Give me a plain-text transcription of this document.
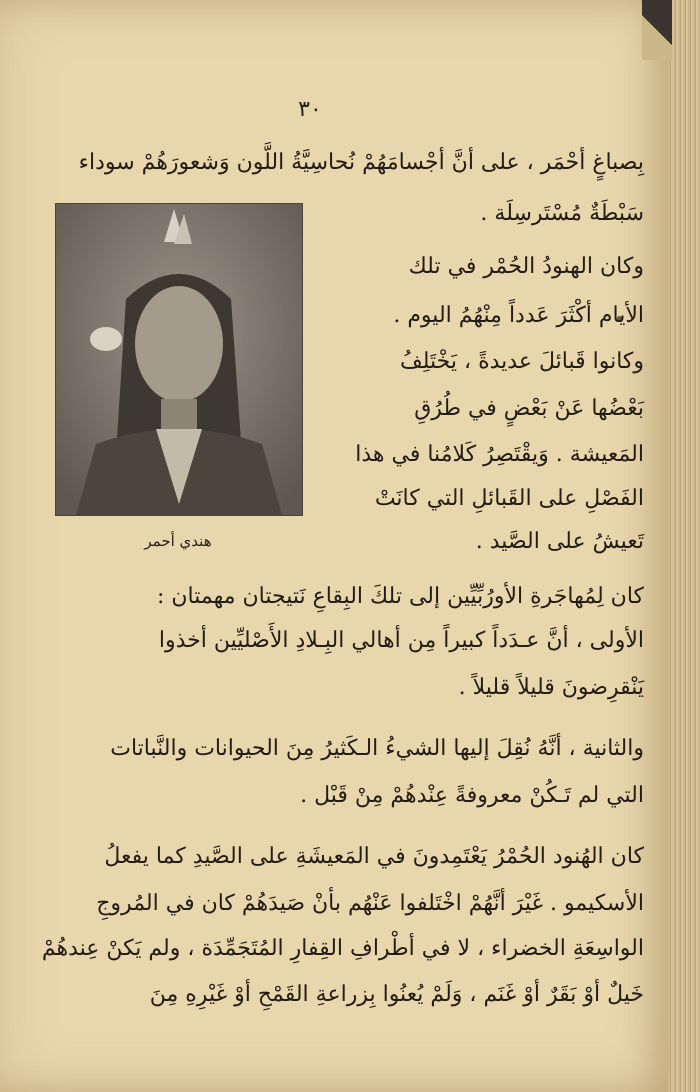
٣٠
بِصباغٍ أحْمَر ، على أنَّ أجْسامَهُمْ نُحاسِيَّةُ اللَّون وَشعورَهُمْ سوداء
سَبْطَةٌ مُسْتَرسِلَة .
هندي أحمر
وكان الهنودُ الحُمْر في تلك
الأيام أكْثَرَ عَدداً مِنْهُمُ اليوم .
وكانوا قَبائلَ عديدةً ، يَخْتَلِفُ
بَعْضُها عَنْ بَعْضٍ في طُرُقِ
المَعيشة . وَيقْتَصِرُ كَلامُنا في هذا
الفَصْلِ على القَبائلِ التي كانَتْ
تَعيشُ على الصَّيد .
كان لِمُهاجَرةِ الأورُبِّيِّين إلى تلكَ البِقاعِ نَتيجتان مهمتان :
الأولى ، أنَّ عـدَداً كبيراً مِن أهالي البِـلادِ الأَصْليِّين أخذوا
يَنْقرِضونَ قليلاً قليلاً .
والثانية ، أنَّهُ نُقِلَ إليها الشيءُ الـكَثيرُ مِنَ الحيوانات والنَّباتات
التي لم تَـكُنْ معروفةً عِنْدهُمْ مِنْ قَبْل .
كان الهُنود الحُمْرُ يَعْتَمِدونَ في المَعيشَةِ على الصَّيدِ كما يفعلُ
الأسكيمو . غَيْرَ أنَّهُمْ اخْتَلفوا عَنْهُم بأنْ صَيدَهُمْ كان في المُروجِ
الواسِعَةِ الخضراء ، لا في أطْرافِ القِفارِ المُتَجَمِّدَة ، ولم يَكنْ عِندهُمْ
خَيلٌ أوْ بَقَرٌ أوْ غَنَم ، وَلَمْ يُعنُوا بِزراعةِ القَمْحِ أوْ غَيْرِهِ مِنَ
